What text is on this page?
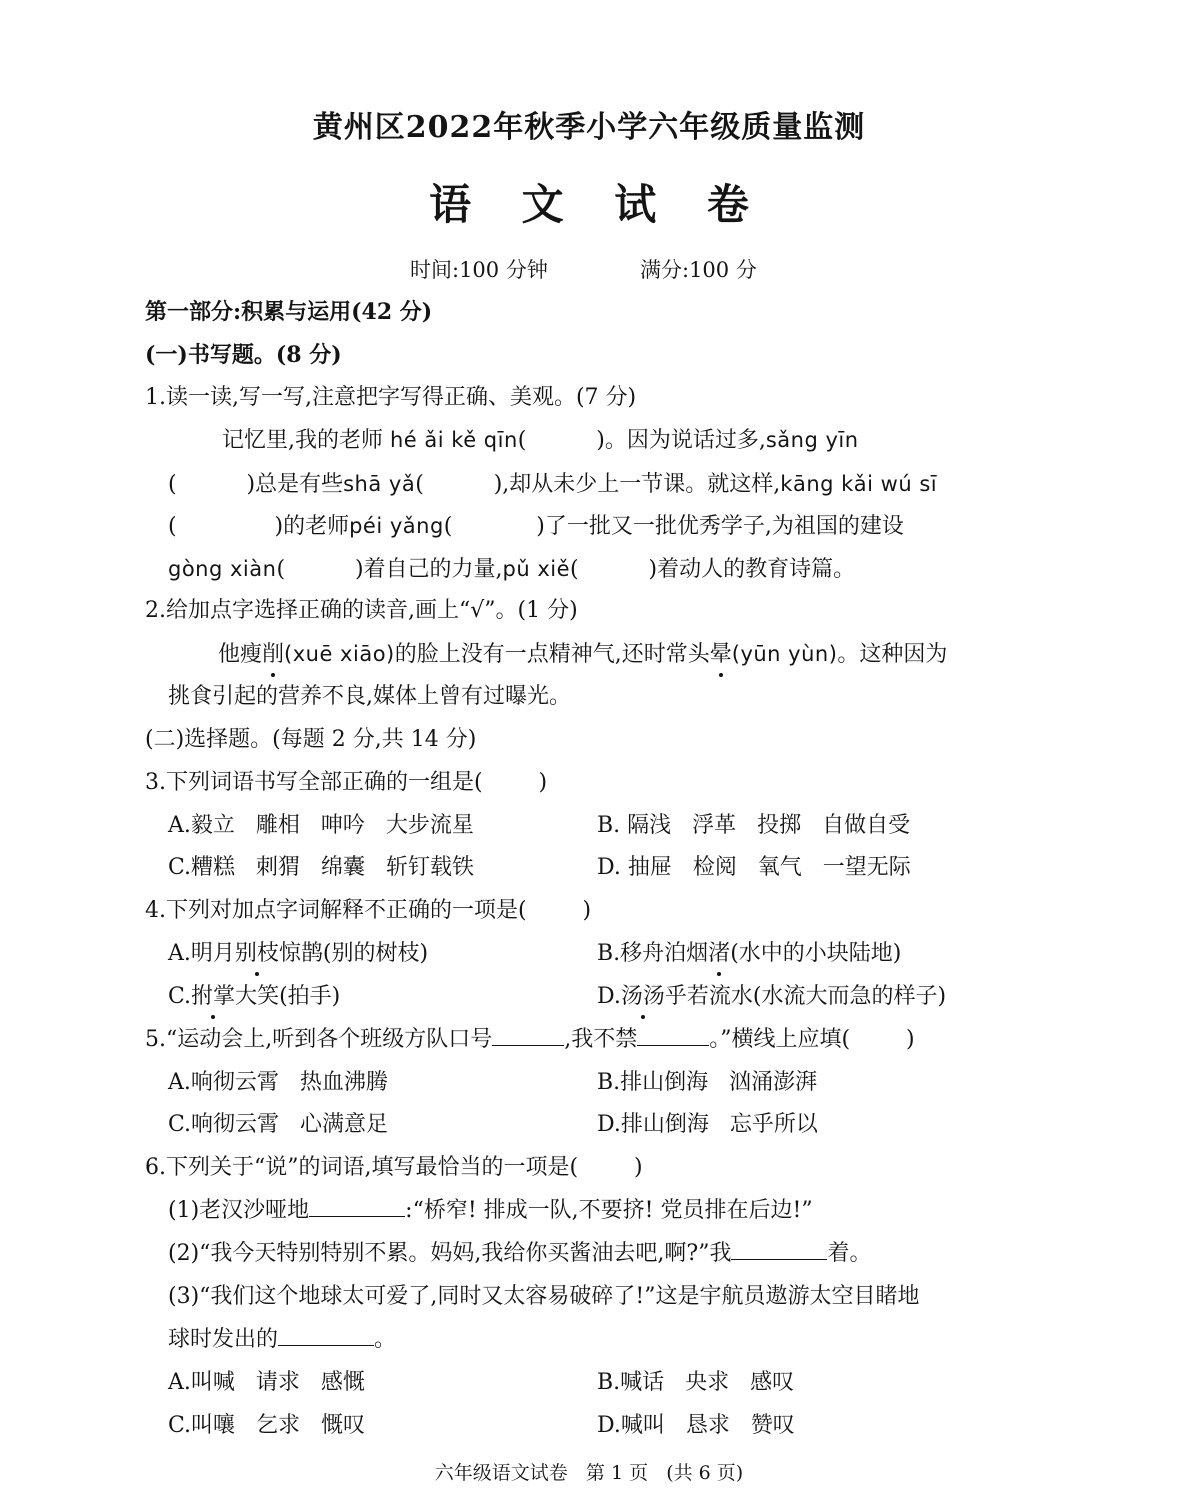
黄州区2022年秋季小学六年级质量监测
语 文 试 卷
时间:100 分钟	满分:100 分
第一部分:积累与运用(42 分)
(一)书写题。(8 分)
1.读一读,写一写,注意把字写得正确、美观。(7 分)
记忆里,我的老师 hé ǎi kě qīn(          )。因为说话过多,sǎng yīn
(          )总是有些shā yǎ(          ),却从未少上一节课。就这样,kāng kǎi wú sī
(              )的老师péi yǎng(            )了一批又一批优秀学子,为祖国的建设
gòng xiàn(          )着自己的力量,pǔ xiě(          )着动人的教育诗篇。
2.给加点字选择正确的读音,画上“√”。(1 分)
他瘦削(xuē xiāo)的脸上没有一点精神气,还时常头晕(yūn yùn)。这种因为
挑食引起的营养不良,媒体上曾有过曝光。
(二)选择题。(每题 2 分,共 14 分)
3.下列词语书写全部正确的一组是(        )
A.毅立   雕相   呻吟   大步流星	B. 隔浅   浮革   投掷   自做自受
C.糟糕   刺猬   绵囊   斩钉载铁	D. 抽屉   检阅   氧气   一望无际
4.下列对加点字词解释不正确的一项是(        )
A.明月别枝惊鹊(别的树枝)	B.移舟泊烟渚(水中的小块陆地)
C.拊掌大笑(拍手)	D.汤汤乎若流水(水流大而急的样子)
5.“运动会上,听到各个班级方队口号	,我不禁	。”横线上应填(        )
A.响彻云霄   热血沸腾	B.排山倒海   汹涌澎湃
C.响彻云霄   心满意足	D.排山倒海   忘乎所以
6.下列关于“说”的词语,填写最恰当的一项是(        )
(1)老汉沙哑地	:“桥窄! 排成一队,不要挤! 党员排在后边!”
(2)“我今天特别特别不累。妈妈,我给你买酱油去吧,啊?”我	着。
(3)“我们这个地球太可爱了,同时又太容易破碎了!”这是宇航员遨游太空目睹地
球时发出的	。
A.叫喊   请求   感慨	B.喊话   央求   感叹
C.叫嚷   乞求   慨叹	D.喊叫   恳求   赞叹
六年级语文试卷   第 1 页   (共 6 页)
